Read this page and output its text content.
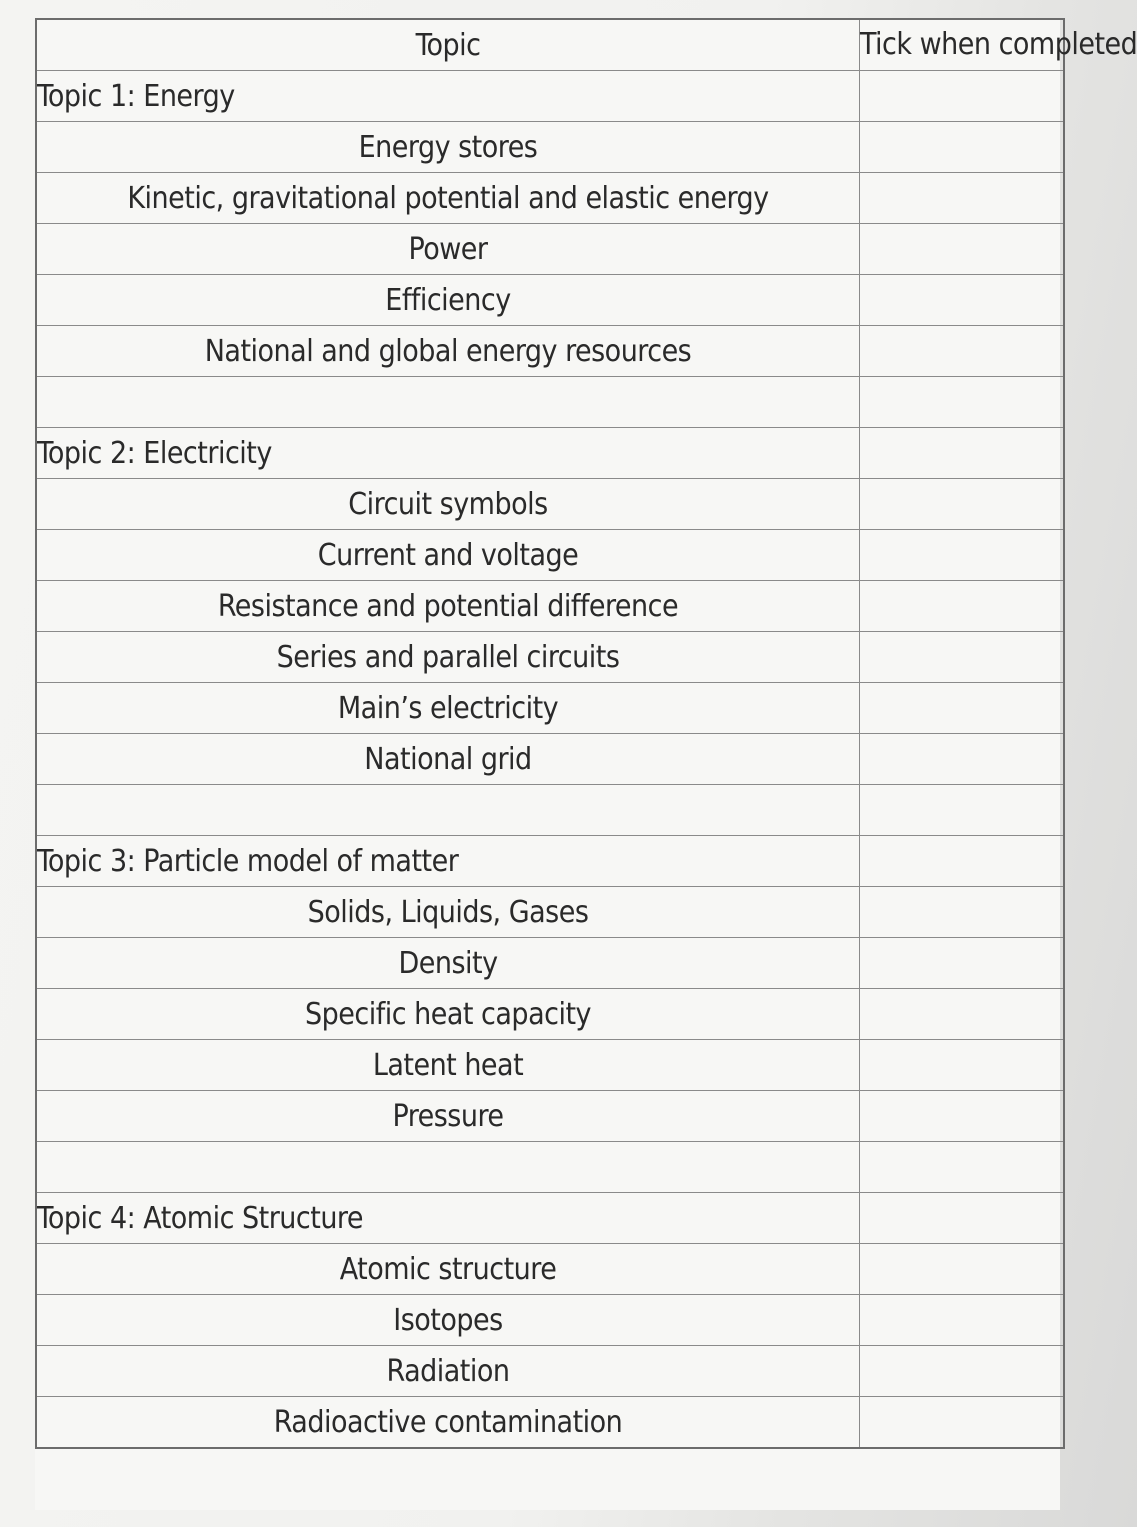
Topic	Tick when completed
Topic 1: Energy	
Energy stores	
Kinetic, gravitational potential and elastic energy	
Power	
Efficiency	
National and global energy resources	

Topic 2: Electricity	
Circuit symbols	
Current and voltage	
Resistance and potential difference	
Series and parallel circuits	
Main’s electricity	
National grid	

Topic 3: Particle model of matter	
Solids, Liquids, Gases	
Density	
Specific heat capacity	
Latent heat	
Pressure	

Topic 4: Atomic Structure	
Atomic structure	
Isotopes	
Radiation	
Radioactive contamination	
